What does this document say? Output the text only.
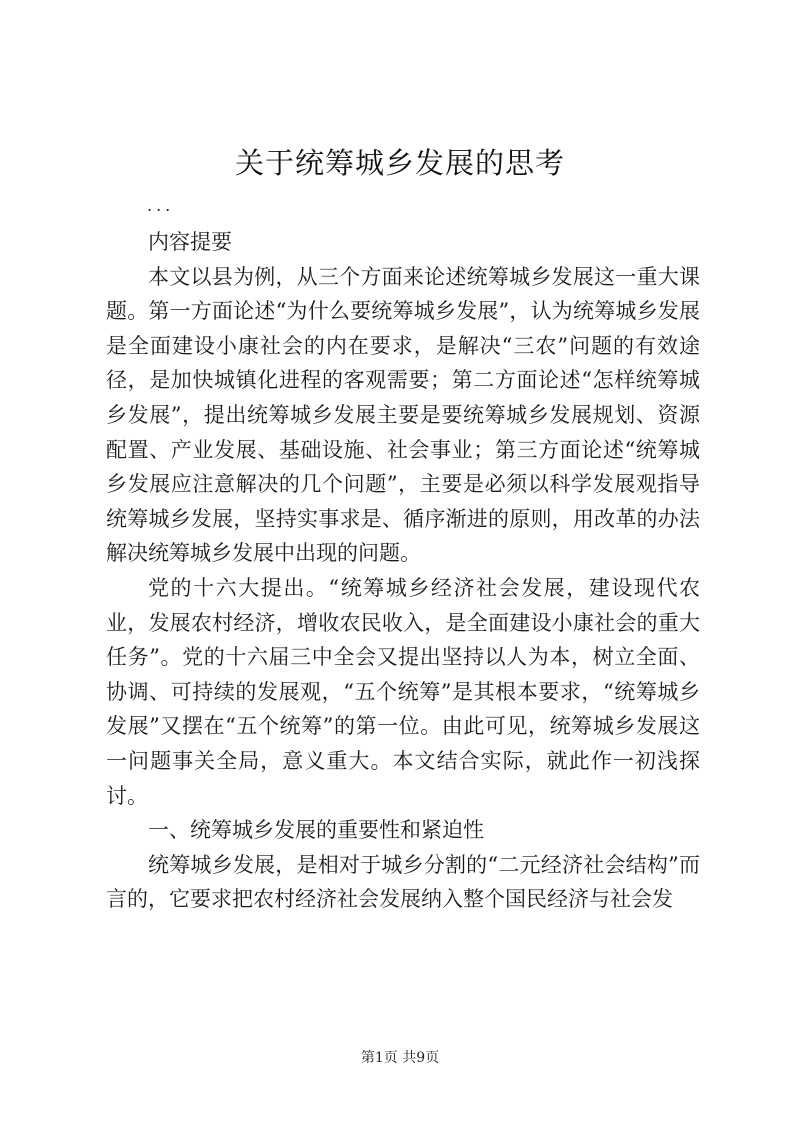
关于统筹城乡发展的思考
...

内容提要

本文以县为例，从三个方面来论述统筹城乡发展这一重大课题。第一方面论述“为什么要统筹城乡发展”，认为统筹城乡发展是全面建设小康社会的内在要求，是解决“三农”问题的有效途径，是加快城镇化进程的客观需要；第二方面论述“怎样统筹城乡发展”，提出统筹城乡发展主要是要统筹城乡发展规划、资源配置、产业发展、基础设施、社会事业；第三方面论述“统筹城乡发展应注意解决的几个问题”，主要是必须以科学发展观指导统筹城乡发展，坚持实事求是、循序渐进的原则，用改革的办法解决统筹城乡发展中出现的问题。

党的十六大提出。“统筹城乡经济社会发展，建设现代农业，发展农村经济，增收农民收入，是全面建设小康社会的重大任务”。党的十六届三中全会又提出坚持以人为本，树立全面、协调、可持续的发展观，“五个统筹”是其根本要求，“统筹城乡发展”又摆在“五个统筹”的第一位。由此可见，统筹城乡发展这一问题事关全局，意义重大。本文结合实际，就此作一初浅探讨。

一、统筹城乡发展的重要性和紧迫性

统筹城乡发展，是相对于城乡分割的“二元经济社会结构”而言的，它要求把农村经济社会发展纳入整个国民经济与社会发

第1页 共9页
